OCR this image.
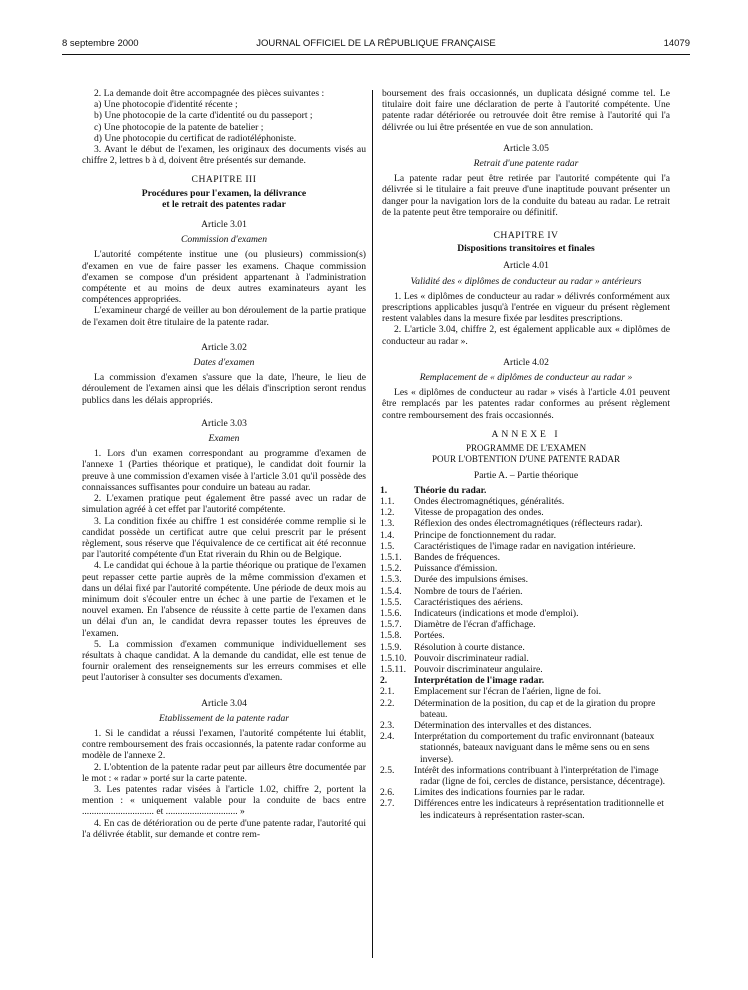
8 septembre 2000	JOURNAL OFFICIEL DE LA RÉPUBLIQUE FRANÇAISE	14079

2. La demande doit être accompagnée des pièces suivantes :

a) Une photocopie d'identité récente ;

b) Une photocopie de la carte d'identité ou du passeport ;

c) Une photocopie de la patente de batelier ;

d) Une photocopie du certificat de radiotéléphoniste.

3. Avant le début de l'examen, les originaux des documents visés au chiffre 2, lettres b à d, doivent être présentés sur demande.

CHAPITRE III

Procédures pour l'examen, la délivrance

et le retrait des patentes radar

Article 3.01
Commission d'examen

L'autorité compétente institue une (ou plusieurs) commission(s) d'examen en vue de faire passer les examens. Chaque commission d'examen se compose d'un président appartenant à l'administration compétente et au moins de deux autres examinateurs ayant les compétences appropriées.

L'examineur chargé de veiller au bon déroulement de la partie pratique de l'examen doit être titulaire de la patente radar.

Article 3.02
Dates d'examen

La commission d'examen s'assure que la date, l'heure, le lieu de déroulement de l'examen ainsi que les délais d'inscription seront rendus publics dans les délais appropriés.

Article 3.03
Examen

1. Lors d'un examen correspondant au programme d'examen de l'annexe 1 (Parties théorique et pratique), le candidat doit fournir la preuve à une commission d'examen visée à l'article 3.01 qu'il possède des connaissances suffisantes pour conduire un bateau au radar.

2. L'examen pratique peut également être passé avec un radar de simulation agréé à cet effet par l'autorité compétente.

3. La condition fixée au chiffre 1 est considérée comme remplie si le candidat possède un certificat autre que celui prescrit par le présent règlement, sous réserve que l'équivalence de ce certificat ait été reconnue par l'autorité compétente d'un Etat riverain du Rhin ou de Belgique.

4. Le candidat qui échoue à la partie théorique ou pratique de l'examen peut repasser cette partie auprès de la même commission d'examen et dans un délai fixé par l'autorité compétente. Une période de deux mois au minimum doit s'écouler entre un échec à une partie de l'examen et le nouvel examen. En l'absence de réussite à cette partie de l'examen dans un délai d'un an, le candidat devra repasser toutes les épreuves de l'examen.

5. La commission d'examen communique individuellement ses résultats à chaque candidat. A la demande du candidat, elle est tenue de fournir oralement des renseignements sur les erreurs commises et elle peut l'autoriser à consulter ses documents d'examen.

Article 3.04
Etablissement de la patente radar

1. Si le candidat a réussi l'examen, l'autorité compétente lui établit, contre remboursement des frais occasionnés, la patente radar conforme au modèle de l'annexe 2.

2. L'obtention de la patente radar peut par ailleurs être documentée par le mot : « radar » porté sur la carte patente.

3. Les patentes radar visées à l'article 1.02, chiffre 2, portent la mention : « uniquement valable pour la conduite de bacs entre .............................. et .............................. »

4. En cas de détérioration ou de perte d'une patente radar, l'autorité qui l'a délivrée établit, sur demande et contre rem-

boursement des frais occasionnés, un duplicata désigné comme tel. Le titulaire doit faire une déclaration de perte à l'autorité compétente. Une patente radar détériorée ou retrouvée doit être remise à l'autorité qui l'a délivrée ou lui être présentée en vue de son annulation.

Article 3.05
Retrait d'une patente radar

La patente radar peut être retirée par l'autorité compétente qui l'a délivrée si le titulaire a fait preuve d'une inaptitude pouvant présenter un danger pour la navigation lors de la conduite du bateau au radar. Le retrait de la patente peut être temporaire ou définitif.

CHAPITRE IV

Dispositions transitoires et finales

Article 4.01
Validité des « diplômes de conducteur au radar » antérieurs

1. Les « diplômes de conducteur au radar » délivrés conformément aux prescriptions applicables jusqu'à l'entrée en vigueur du présent règlement restent valables dans la mesure fixée par lesdites prescriptions.

2. L'article 3.04, chiffre 2, est également applicable aux « diplômes de conducteur au radar ».

Article 4.02
Remplacement de « diplômes de conducteur au radar »

Les « diplômes de conducteur au radar » visés à l'article 4.01 peuvent être remplacés par les patentes radar conformes au présent règlement contre remboursement des frais occasionnés.

ANNEXE I

PROGRAMME DE L'EXAMEN

POUR L'OBTENTION D'UNE PATENTE RADAR

Partie A. – Partie théorique
1.	Théorie du radar.
1.1.	Ondes électromagnétiques, généralités.
1.2.	Vitesse de propagation des ondes.
1.3.	Réflexion des ondes électromagnétiques (réflecteurs radar).
1.4.	Principe de fonctionnement du radar.
1.5.	Caractéristiques de l'image radar en navigation intérieure.
1.5.1.	Bandes de fréquences.
1.5.2.	Puissance d'émission.
1.5.3.	Durée des impulsions émises.
1.5.4.	Nombre de tours de l'aérien.
1.5.5.	Caractéristiques des aériens.
1.5.6.	Indicateurs (indications et mode d'emploi).
1.5.7.	Diamètre de l'écran d'affichage.
1.5.8.	Portées.
1.5.9.	Résolution à courte distance.
1.5.10. Pouvoir discriminateur radial.
1.5.11. Pouvoir discriminateur angulaire.
2.	Interprétation de l'image radar.
2.1.	Emplacement sur l'écran de l'aérien, ligne de foi.
2.2.	Détermination de la position, du cap et de la giration du propre bateau.
2.3.	Détermination des intervalles et des distances.
2.4.	Interprétation du comportement du trafic environnant (bateaux stationnés, bateaux naviguant dans le même sens ou en sens inverse).
2.5.	Intérêt des informations contribuant à l'interprétation de l'image radar (ligne de foi, cercles de distance, persistance, décentrage).
2.6.	Limites des indications fournies par le radar.
2.7.	Différences entre les indicateurs à représentation traditionnelle et les indicateurs à représentation raster-scan.
